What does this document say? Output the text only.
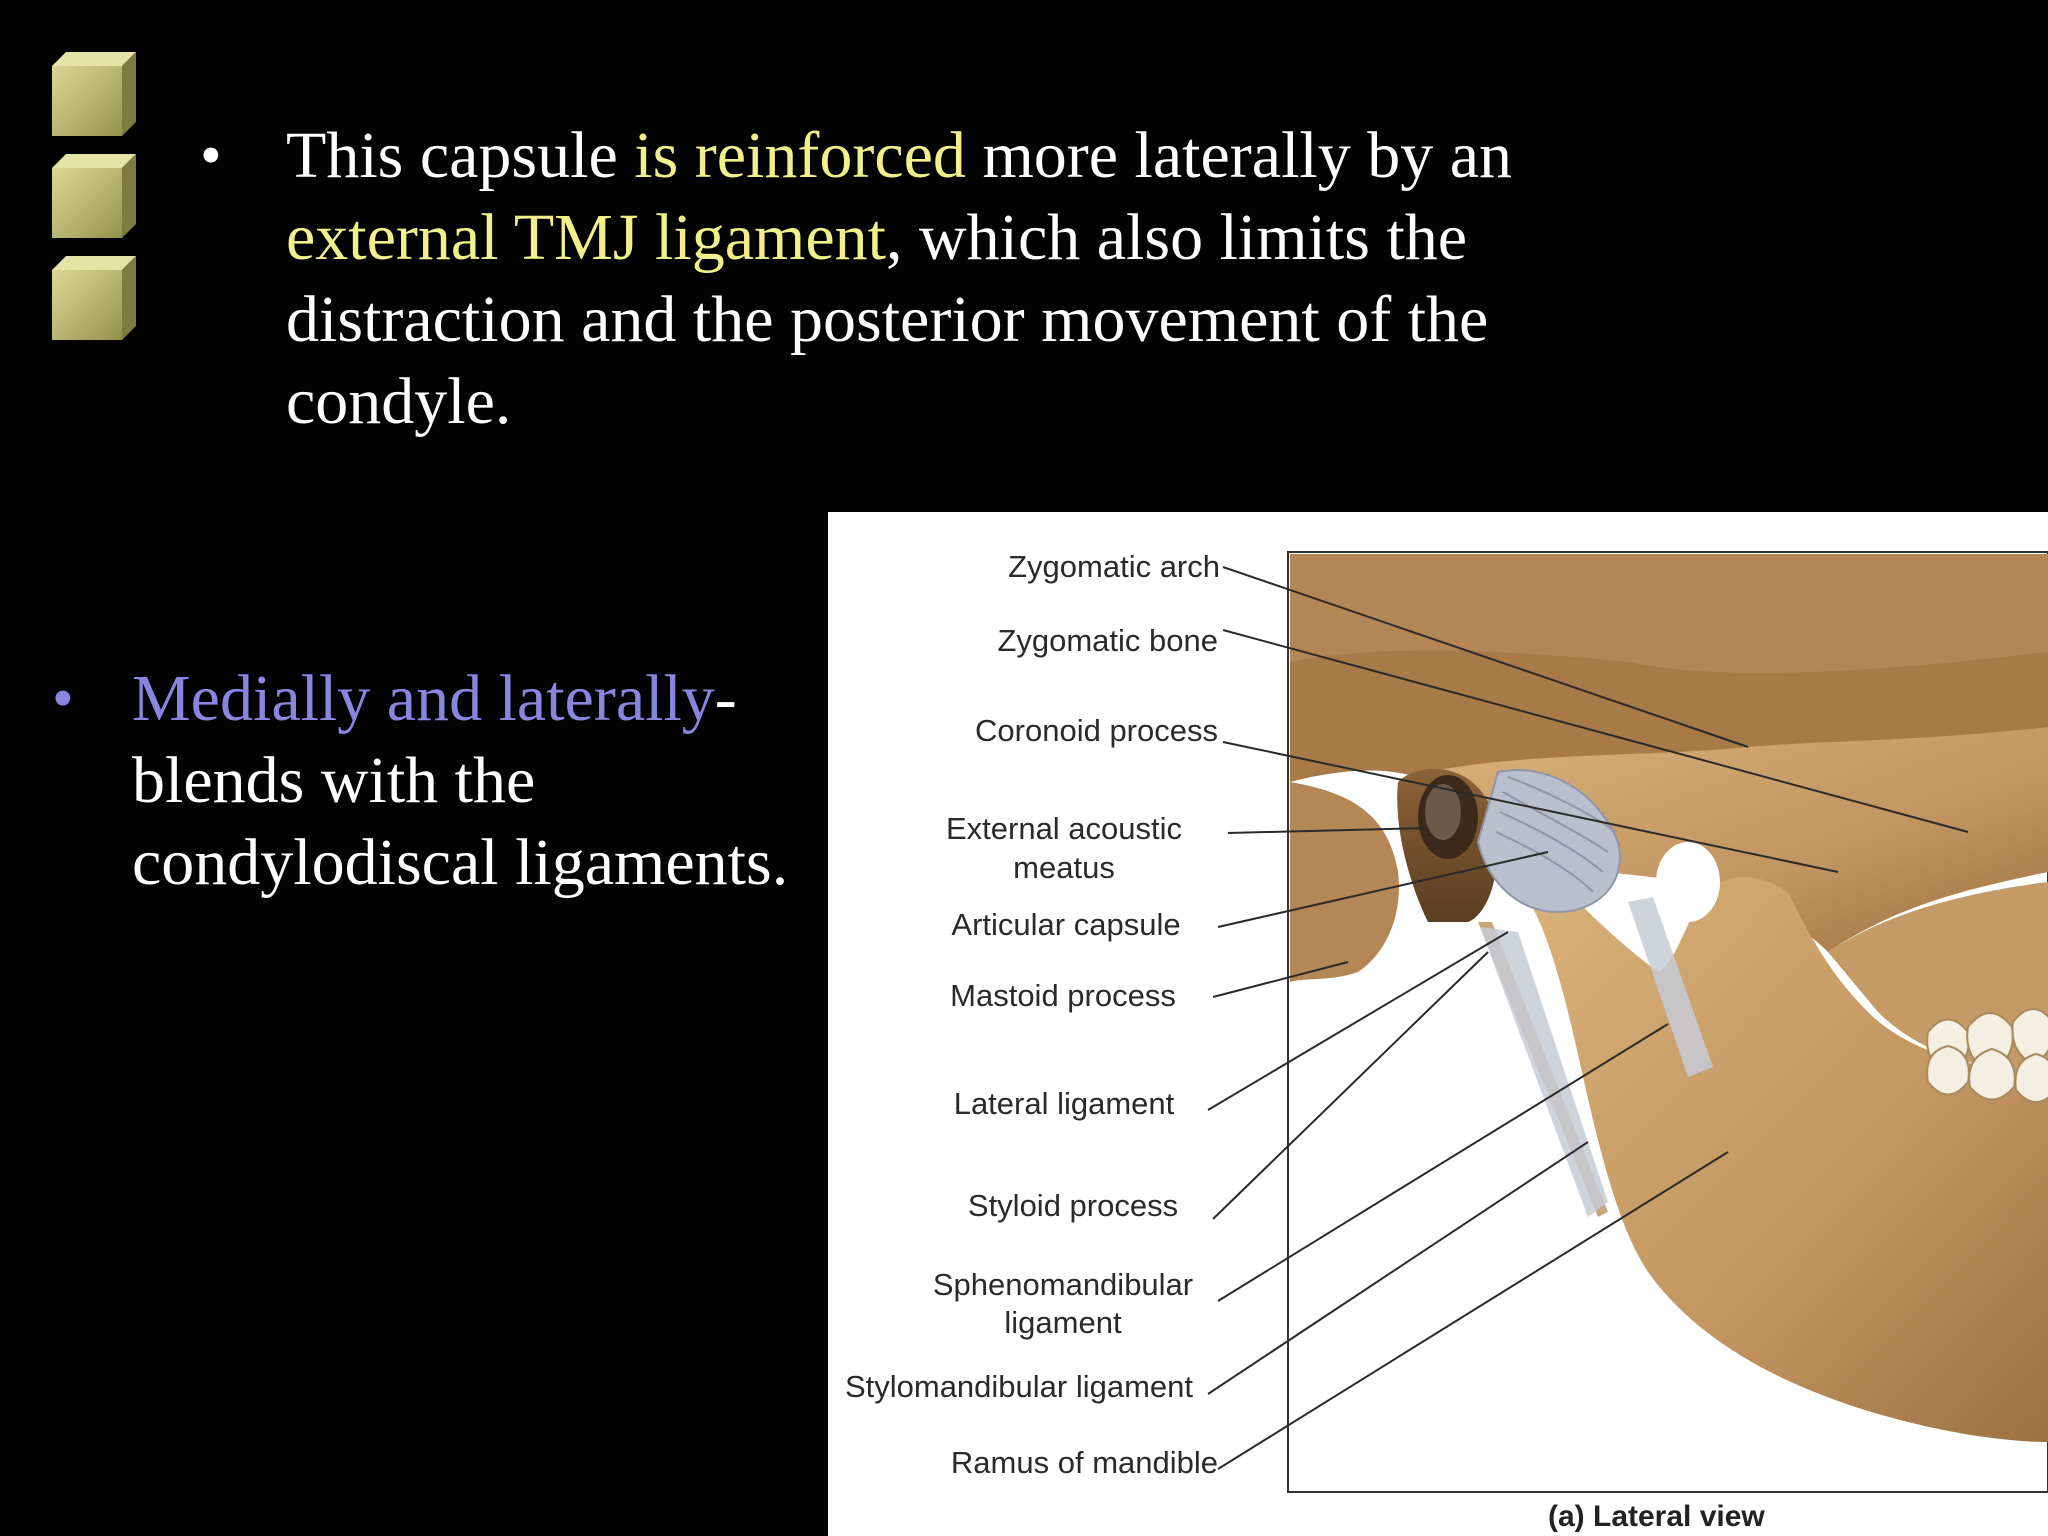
• This capsule is reinforced more laterally by an external TMJ ligament, which also limits the distraction and the posterior movement of the condyle.
• Medially and laterally- blends with the condylodiscal ligaments.
Zygomatic arch
Zygomatic bone
Coronoid process
External acoustic
meatus
Articular capsule
Mastoid process
Lateral ligament
Styloid process
Sphenomandibular
ligament
Stylomandibular ligament
Ramus of mandible
(a) Lateral view
